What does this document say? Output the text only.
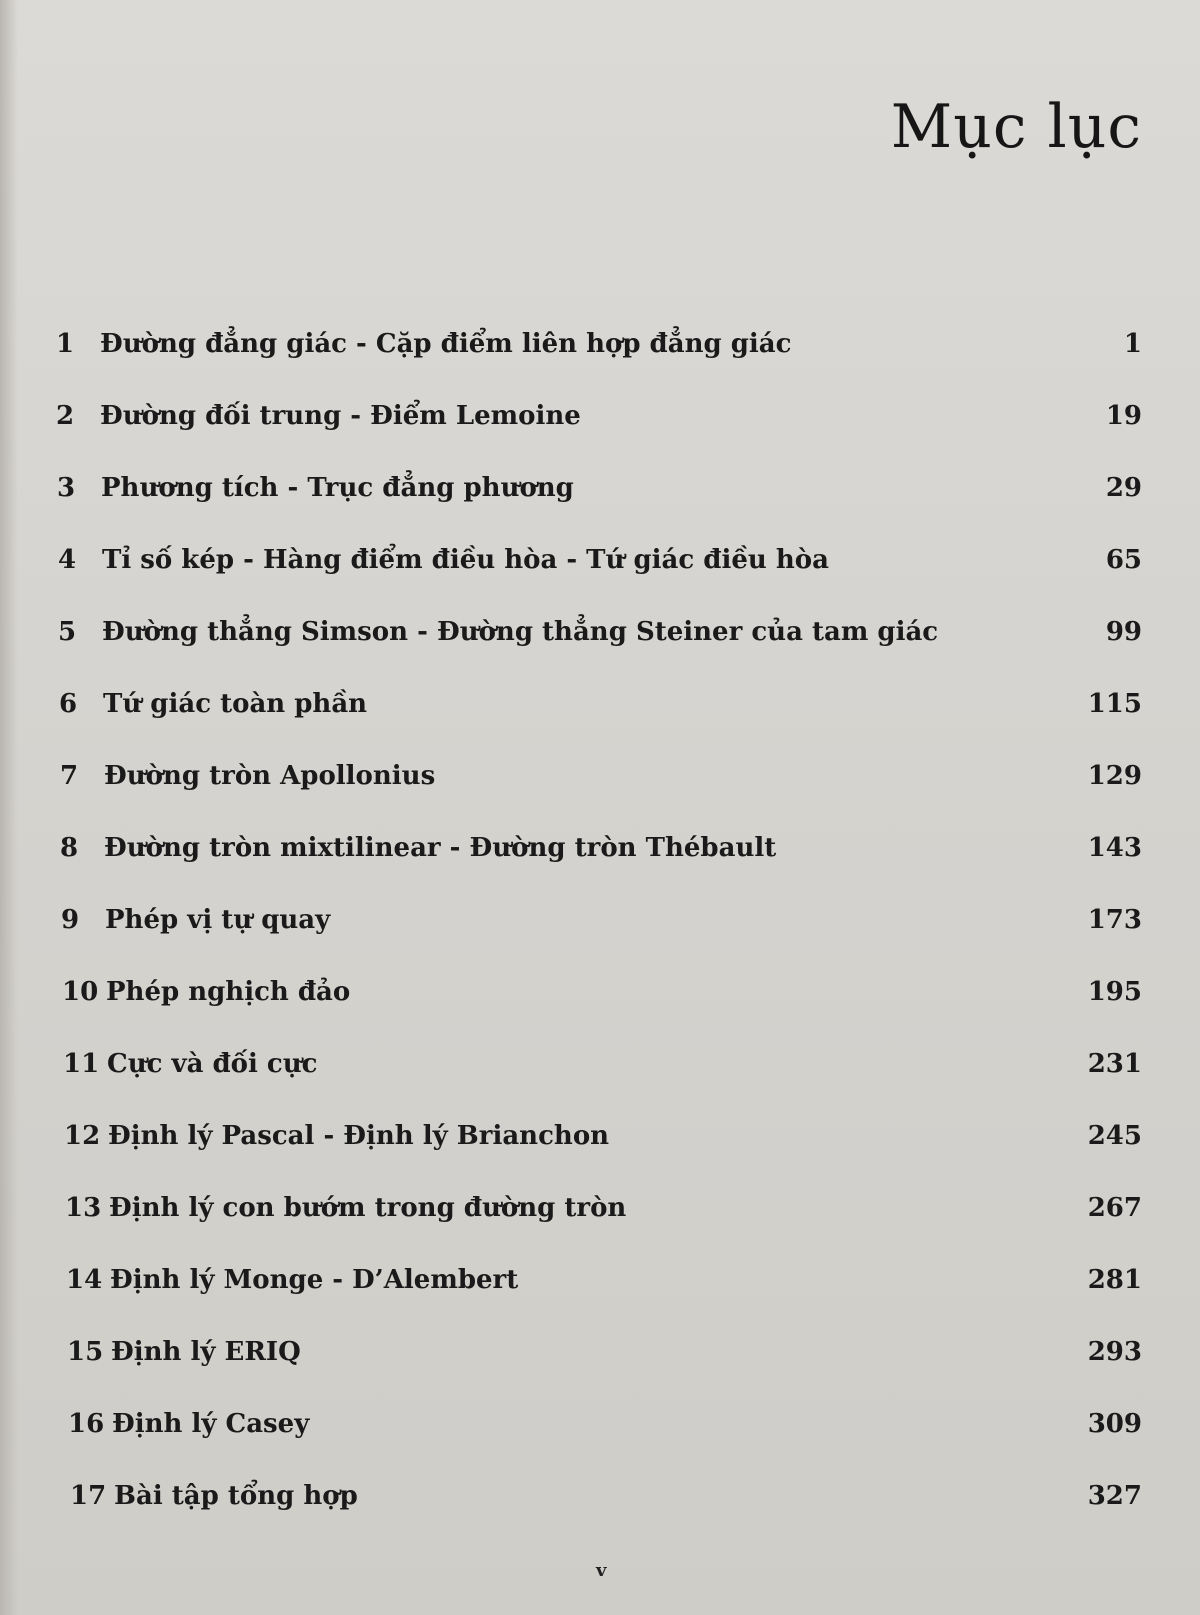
Mục lục
1 Đường đẳng giác - Cặp điểm liên hợp đẳng giác	1
2 Đường đối trung - Điểm Lemoine	19
3 Phương tích - Trục đẳng phương	29
4 Tỉ số kép - Hàng điểm điều hòa - Tứ giác điều hòa	65
5 Đường thẳng Simson - Đường thẳng Steiner của tam giác	99
6 Tứ giác toàn phần	115
7 Đường tròn Apollonius	129
8 Đường tròn mixtilinear - Đường tròn Thébault	143
9 Phép vị tự quay	173
10 Phép nghịch đảo	195
11 Cực và đối cực	231
12 Định lý Pascal - Định lý Brianchon	245
13 Định lý con bướm trong đường tròn	267
14 Định lý Monge - D’Alembert	281
15 Định lý ERIQ	293
16 Định lý Casey	309
17 Bài tập tổng hợp	327
v
